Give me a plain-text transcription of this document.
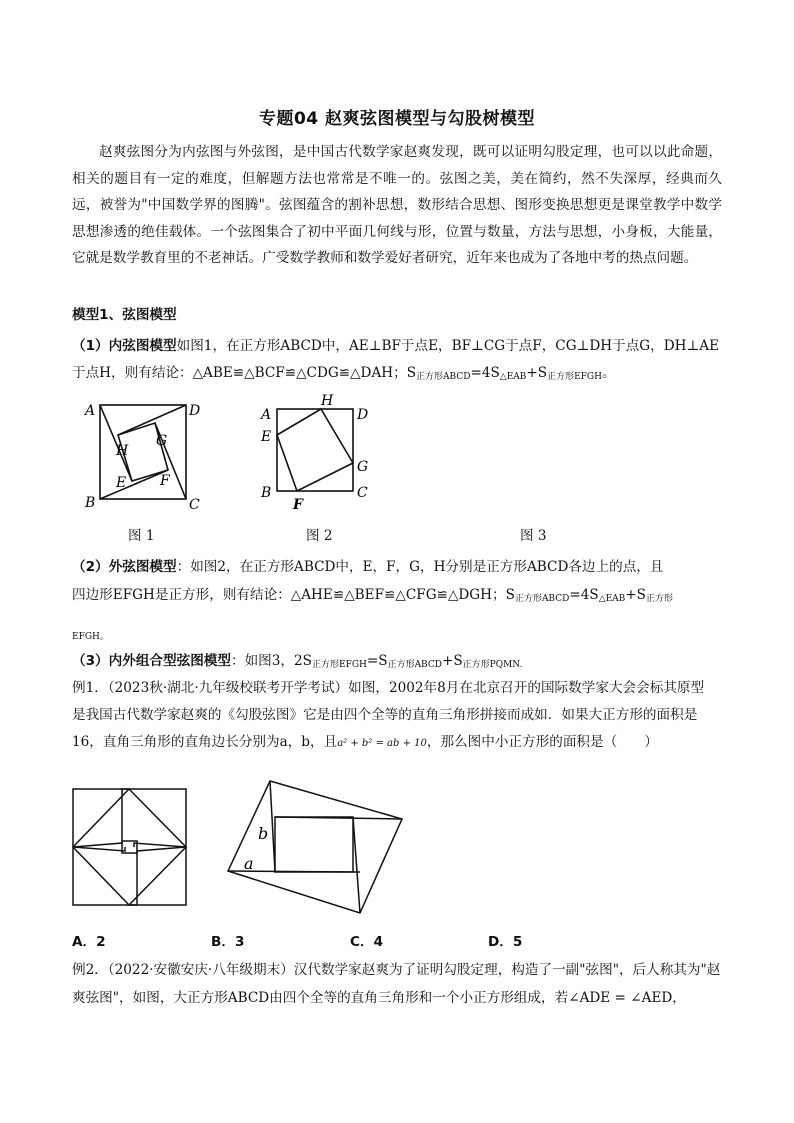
专题04 赵爽弦图模型与勾股树模型
赵爽弦图分为内弦图与外弦图，是中国古代数学家赵爽发现，既可以证明勾股定理，也可以以此命题，相关的题目有一定的难度，但解题方法也常常是不唯一的。弦图之美，美在简约，然不失深厚，经典而久远，被誉为"中国数学界的图腾"。弦图蕴含的割补思想，数形结合思想、图形变换思想更是课堂教学中数学思想渗透的绝佳载体。一个弦图集合了初中平面几何线与形，位置与数量，方法与思想，小身板，大能量，它就是数学教育里的不老神话。广受数学教师和数学爱好者研究，近年来也成为了各地中考的热点问题。
模型1、弦图模型
（1）内弦图模型如图1，在正方形ABCD中，AE⊥BF于点E，BF⊥CG于点F，CG⊥DH于点G，DH⊥AE
于点H，则有结论：△ABE≌△BCF≌△CDG≌△DAH；$S_{正方形ABCD}=4S_{\triangle EAB}+S_{正方形EFGH}$。
A	D
H
G
E F
B	C
A
H
D
E
G
B
F
C
图 1	图 2	图 3
（2）外弦图模型：如图2，在正方形ABCD中，E，F，G，H分别是正方形ABCD各边上的点，且
四边形EFGH是正方形，则有结论：△AHE≌△BEF≌△CFG≌△DGH；$S_{正方形ABCD}=4S_{\triangle EAB}+S_{正方形}$
EFGH。
（3）内外组合型弦图模型：如图3，$2S_{正方形EFGH}=S_{正方形ABCD}+S_{正方形PQMN.}$
例1．（2023秋·湖北·九年级校联考开学考试）如图，2002年8月在北京召开的国际数学家大会会标其原型
是我国古代数学家赵爽的《勾股弦图》它是由四个全等的直角三角形拼接而成如．如果大正方形的面积是
16，直角三角形的直角边长分别为a，b，且a² + b² = ab + 10，那么图中小正方形的面积是（　　）
b
a
A．2	B．3	C．4	D．5
例2．（2022·安徽安庆·八年级期末）汉代数学家赵爽为了证明勾股定理，构造了一副"弦图"，后人称其为"赵
爽弦图"，如图，大正方形ABCD由四个全等的直角三角形和一个小正方形组成，若∠ADE = ∠AED，
